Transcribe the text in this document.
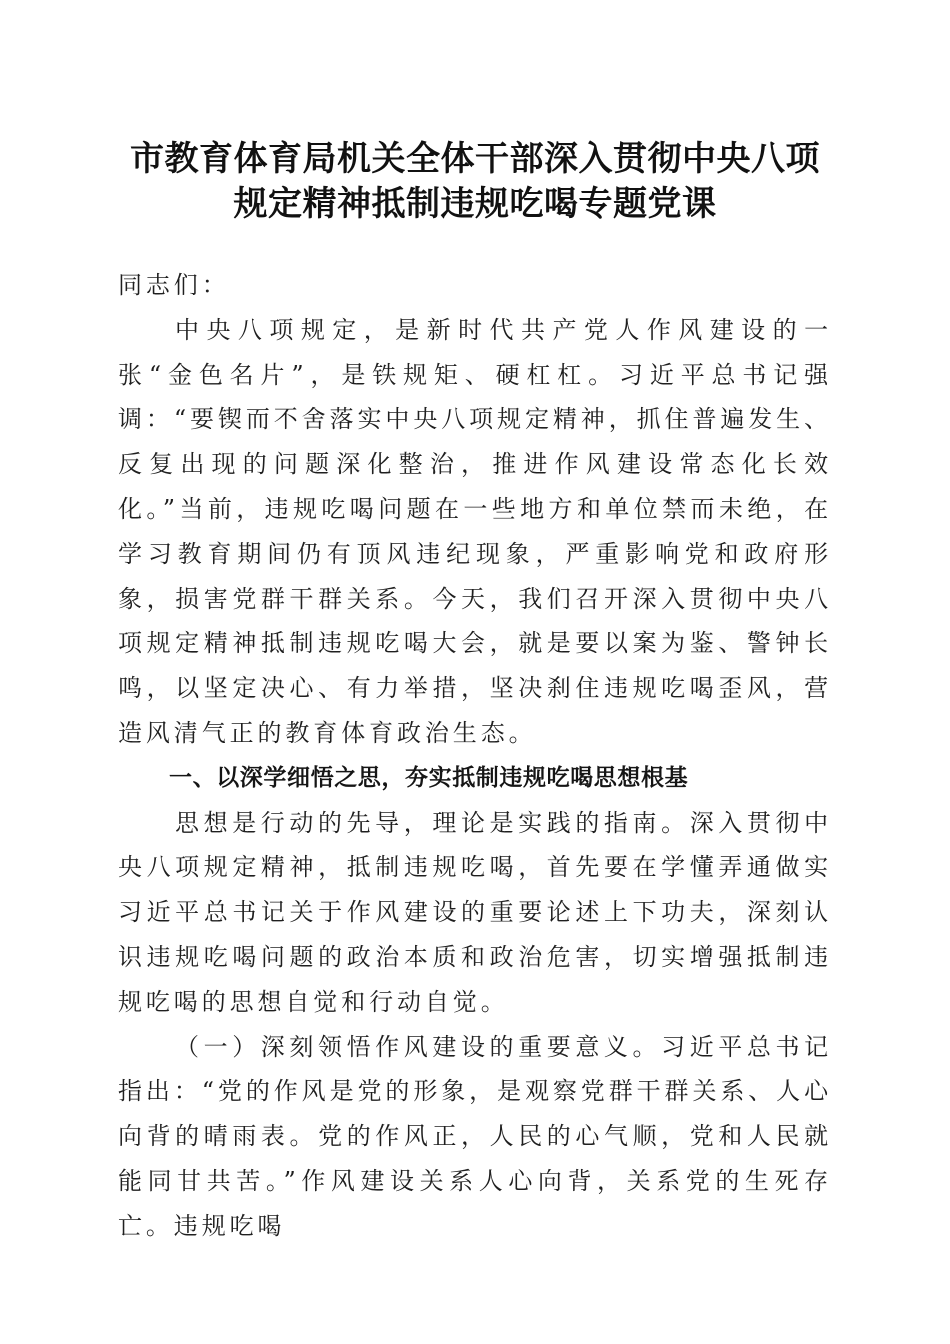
市教育体育局机关全体干部深入贯彻中央八项
规定精神抵制违规吃喝专题党课

同志们：

中央八项规定，是新时代共产党人作风建设的一张“金色名片”，是铁规矩、硬杠杠。习近平总书记强调：“要锲而不舍落实中央八项规定精神，抓住普遍发生、反复出现的问题深化整治，推进作风建设常态化长效化。”当前，违规吃喝问题在一些地方和单位禁而未绝，在学习教育期间仍有顶风违纪现象，严重影响党和政府形象，损害党群干群关系。今天，我们召开深入贯彻中央八项规定精神抵制违规吃喝大会，就是要以案为鉴、警钟长鸣，以坚定决心、有力举措，坚决刹住违规吃喝歪风，营造风清气正的教育体育政治生态。

一、以深学细悟之思，夯实抵制违规吃喝思想根基

思想是行动的先导，理论是实践的指南。深入贯彻中央八项规定精神，抵制违规吃喝，首先要在学懂弄通做实习近平总书记关于作风建设的重要论述上下功夫，深刻认识违规吃喝问题的政治本质和政治危害，切实增强抵制违规吃喝的思想自觉和行动自觉。

（一）深刻领悟作风建设的重要意义。习近平总书记指出：“党的作风是党的形象，是观察党群干群关系、人心向背的晴雨表。党的作风正，人民的心气顺，党和人民就能同甘共苦。”作风建设关系人心向背，关系党的生死存亡。违规吃喝
